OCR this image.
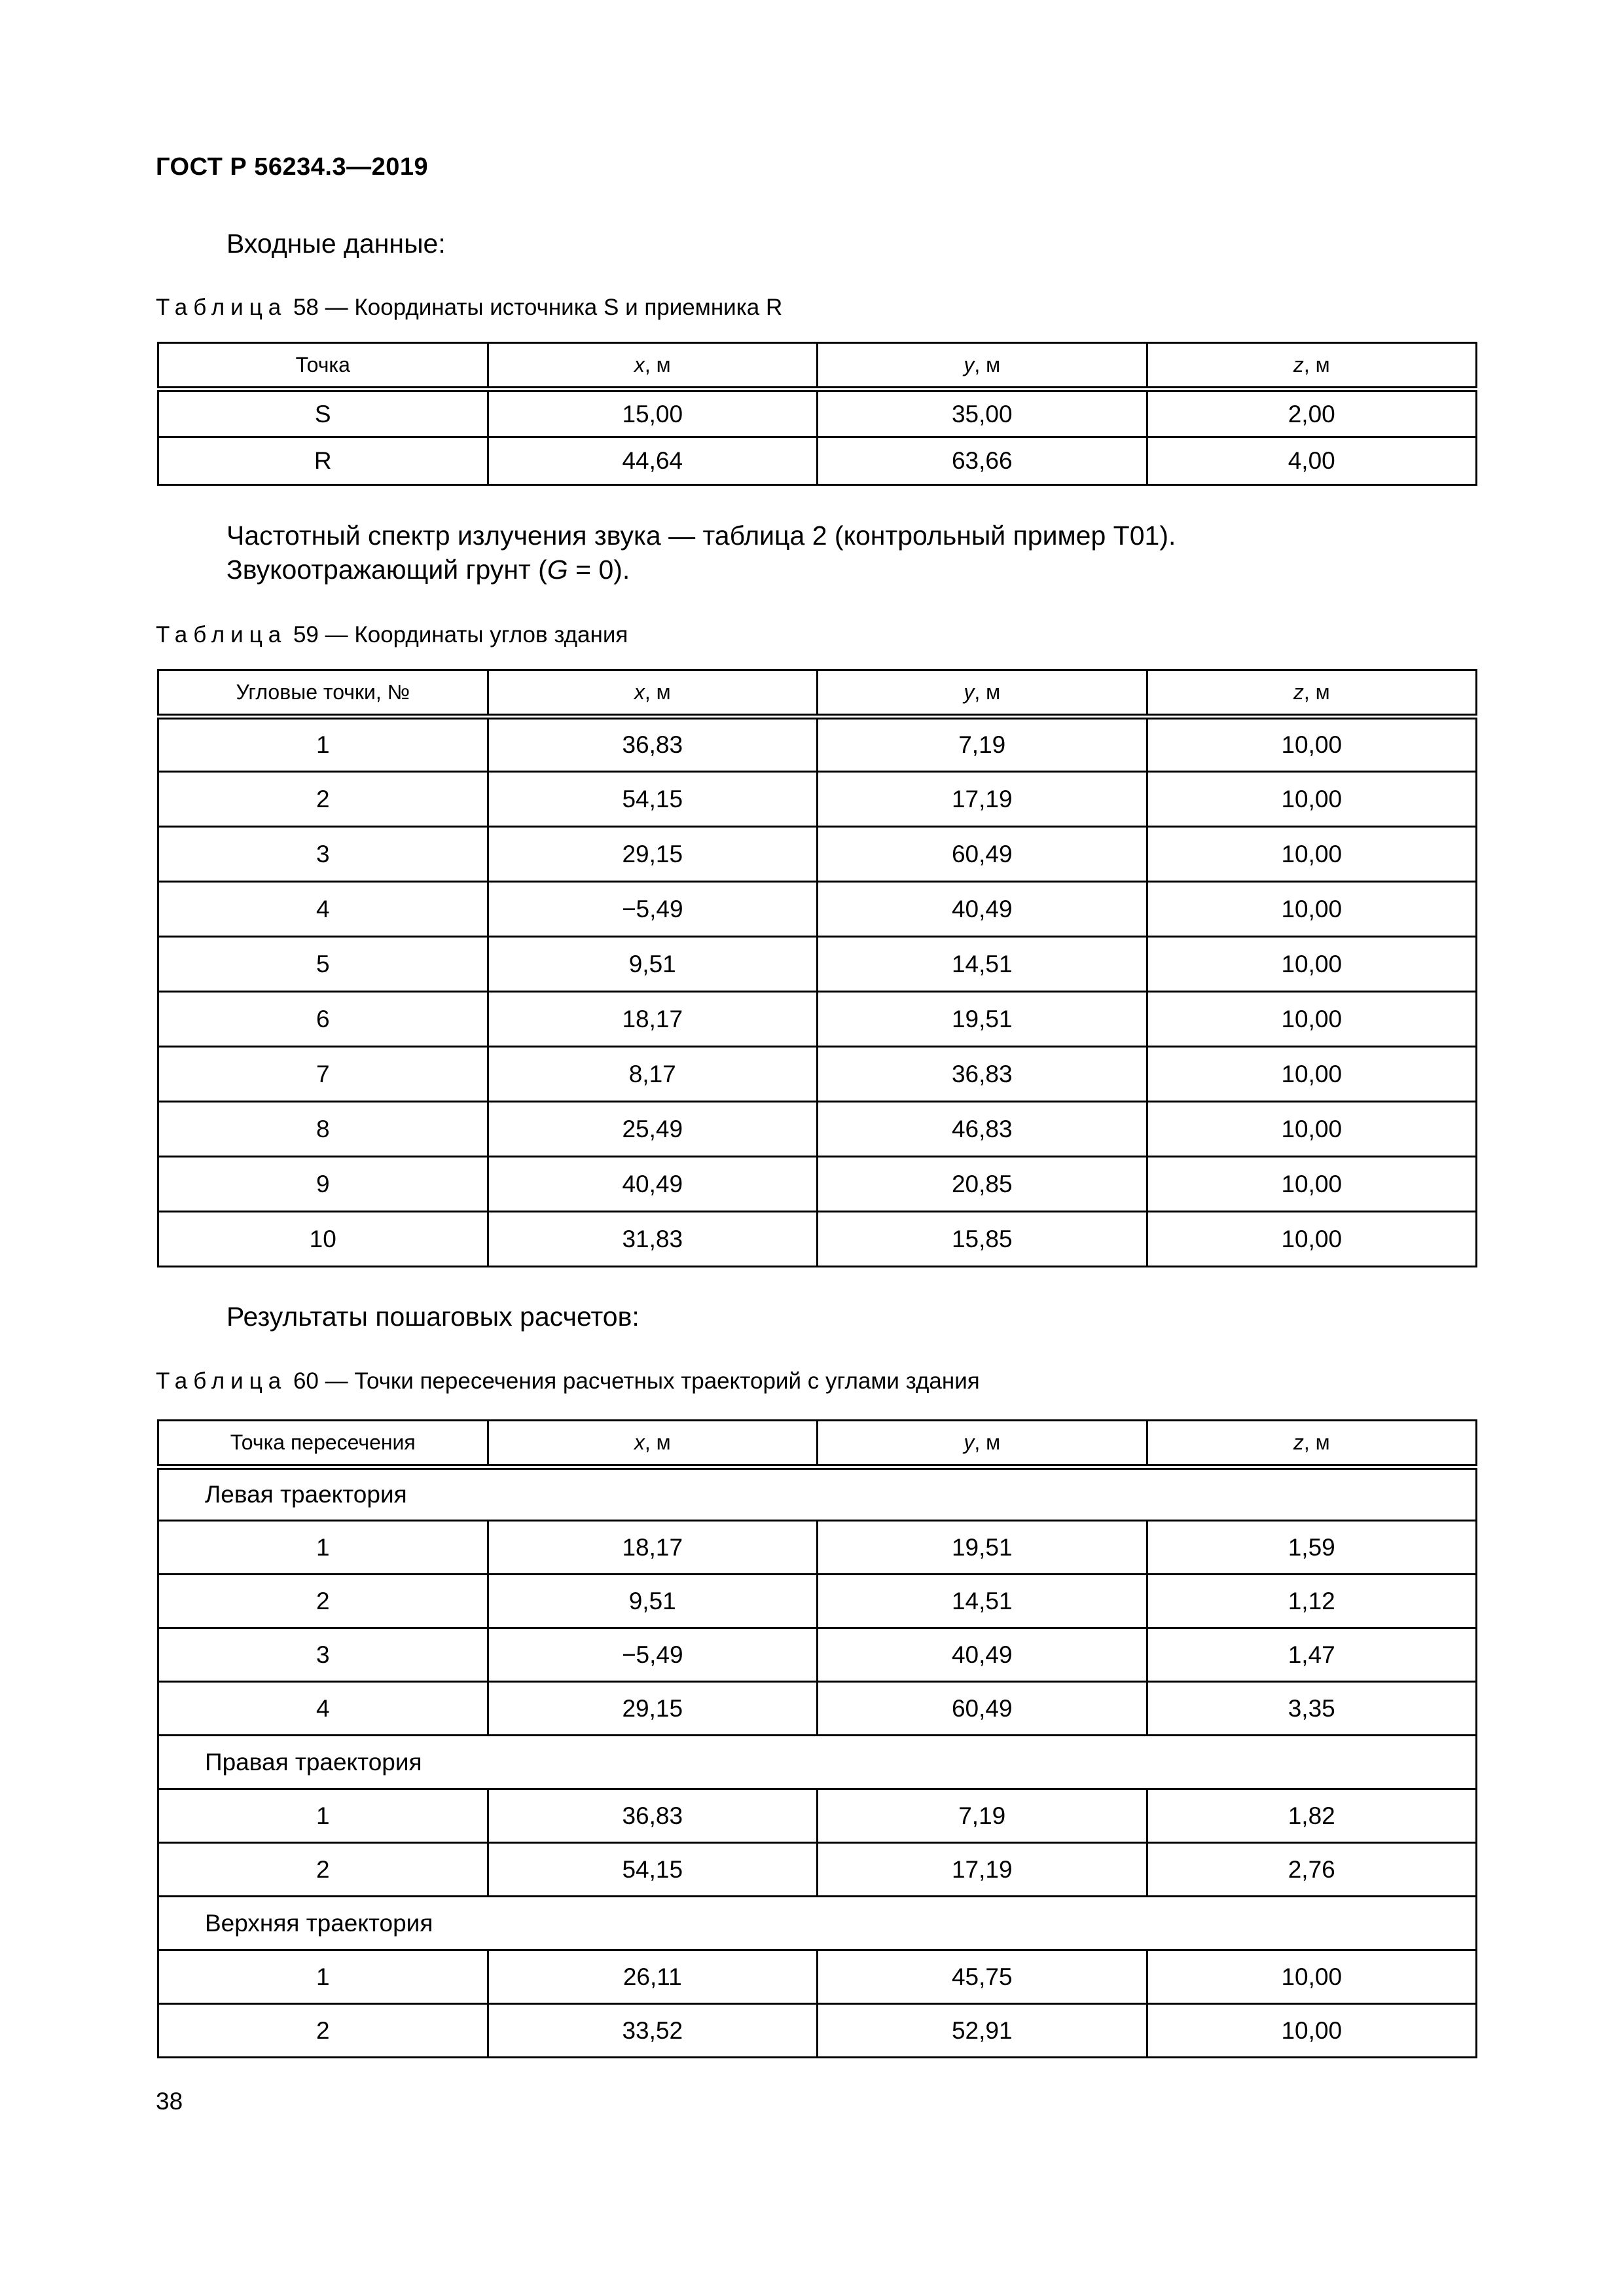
ГОСТ Р 56234.3—2019
Входные данные:
Таблица 58 — Координаты источника S и приемника R
Точка	x, м	y, м	z, м
S	15,00	35,00	2,00
R	44,64	63,66	4,00
Частотный спектр излучения звука — таблица 2 (контрольный пример Т01).
Звукоотражающий грунт (G = 0).
Таблица 59 — Координаты углов здания
Угловые точки, №	x, м	y, м	z, м
1	36,83	7,19	10,00
2	54,15	17,19	10,00
3	29,15	60,49	10,00
4	−5,49	40,49	10,00
5	9,51	14,51	10,00
6	18,17	19,51	10,00
7	8,17	36,83	10,00
8	25,49	46,83	10,00
9	40,49	20,85	10,00
10	31,83	15,85	10,00
Результаты пошаговых расчетов:
Таблица 60 — Точки пересечения расчетных траекторий с углами здания
Точка пересечения	x, м	y, м	z, м
Левая траектория			
1	18,17	19,51	1,59
2	9,51	14,51	1,12
3	−5,49	40,49	1,47
4	29,15	60,49	3,35
Правая траектория			
1	36,83	7,19	1,82
2	54,15	17,19	2,76
Верхняя траектория			
1	26,11	45,75	10,00
2	33,52	52,91	10,00
38
